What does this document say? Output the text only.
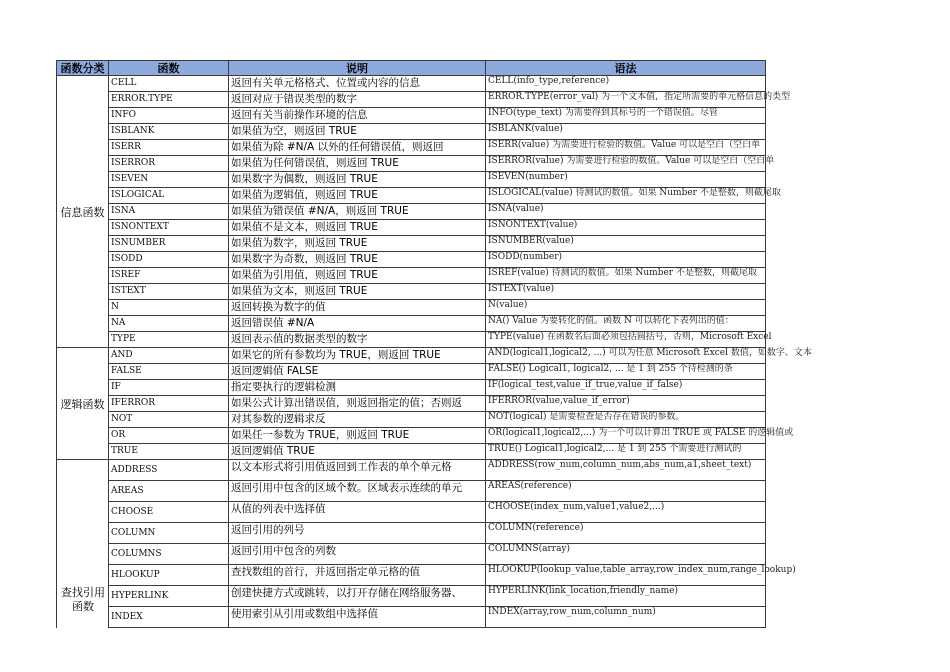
函数分类	函数	说明	语法
信息函数	CELL	返回有关单元格格式、位置或内容的信息	CELL(info_type,reference)
	ERROR.TYPE	返回对应于错误类型的数字	ERROR.TYPE(error_val) 为一个文本值，指定所需要的单元格信息的类型
	INFO	返回有关当前操作环境的信息	INFO(type_text) 为需要得到其标号的一个错误值。尽管
	ISBLANK	如果值为空，则返回 TRUE	ISBLANK(value)
	ISERR	如果值为除 #N/A 以外的任何错误值，则返回	ISERR(value) 为需要进行检验的数值。Value 可以是空白（空白单
	ISERROR	如果值为任何错误值，则返回 TRUE	ISERROR(value) 为需要进行检验的数值。Value 可以是空白（空白单
	ISEVEN	如果数字为偶数，则返回 TRUE	ISEVEN(number)
	ISLOGICAL	如果值为逻辑值，则返回 TRUE	ISLOGICAL(value) 待测试的数值。如果 Number 不是整数，则截尾取
	ISNA	如果值为错误值 #N/A，则返回 TRUE	ISNA(value)
	ISNONTEXT	如果值不是文本，则返回 TRUE	ISNONTEXT(value)
	ISNUMBER	如果值为数字，则返回 TRUE	ISNUMBER(value)
	ISODD	如果数字为奇数，则返回 TRUE	ISODD(number)
	ISREF	如果值为引用值，则返回 TRUE	ISREF(value) 待测试的数值。如果 Number 不是整数，则截尾取
	ISTEXT	如果值为文本，则返回 TRUE	ISTEXT(value)
	N	返回转换为数字的值	N(value)
	NA	返回错误值 #N/A	NA() Value 为要转化的值。函数 N 可以转化下表列出的值：
	TYPE	返回表示值的数据类型的数字	TYPE(value) 在函数名后面必须包括圆括号，否则，Microsoft Excel
逻辑函数	AND	如果它的所有参数均为 TRUE，则返回 TRUE	AND(logical1,logical2, ...) 可以为任意 Microsoft Excel 数值，如数字、文本
	FALSE	返回逻辑值 FALSE	FALSE() Logical1, logical2, ... 是 1 到 255 个待检测的条
	IF	指定要执行的逻辑检测	IF(logical_test,value_if_true,value_if_false)
	IFERROR	如果公式计算出错误值，则返回指定的值；否则返	IFERROR(value,value_if_error)
	NOT	对其参数的逻辑求反	NOT(logical) 是需要检查是否存在错误的参数。
	OR	如果任一参数为 TRUE，则返回 TRUE	OR(logical1,logical2,...) 为一个可以计算出 TRUE 或 FALSE 的逻辑值或
	TRUE	返回逻辑值 TRUE	TRUE() Logical1,logical2,... 是 1 到 255 个需要进行测试的
	ADDRESS	以文本形式将引用值返回到工作表的单个单元格	ADDRESS(row_num,column_num,abs_num,a1,sheet_text)
	AREAS	返回引用中包含的区域个数。区域表示连续的单元	AREAS(reference)
	CHOOSE	从值的列表中选择值	CHOOSE(index_num,value1,value2,...)
	COLUMN	返回引用的列号	COLUMN(reference)
	COLUMNS	返回引用中包含的列数	COLUMNS(array)
	HLOOKUP	查找数组的首行，并返回指定单元格的值	HLOOKUP(lookup_value,table_array,row_index_num,range_lookup)
	HYPERLINK	创建快捷方式或跳转，以打开存储在网络服务器、	HYPERLINK(link_location,friendly_name)
	INDEX	使用索引从引用或数组中选择值	INDEX(array,row_num,column_num)
查找引用函数
